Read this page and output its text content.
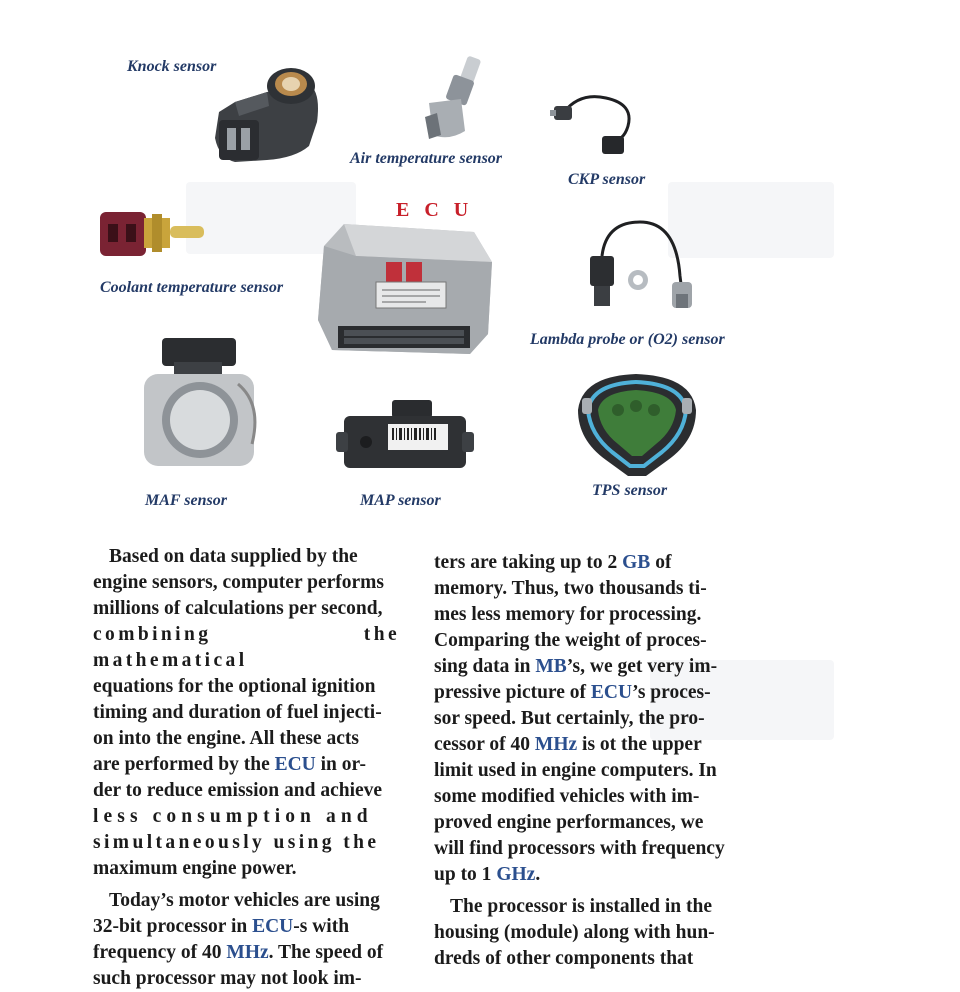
Knock sensor
Air temperature sensor
CKP sensor
Coolant temperature sensor
Lambda probe or (O2) sensor
MAF sensor	MAP sensor
TPS sensor
E C U

Based on data supplied by the

engine sensors, computer performs

millions of calculations per second,

combining the mathematical

equations for the optional ignition

timing and duration of fuel injecti-

on into the engine. All these acts

are performed by the ECU in or-

der to reduce emission and achieve

less consumption and

simultaneously using the

maximum engine power.

Today’s motor vehicles are using

32-bit processor in ECU-s with

frequency of 40 MHz. The speed of

such processor may not look im-

ters are taking up to 2 GB of

memory. Thus, two thousands ti-

mes less memory for processing.

Comparing the weight of proces-

sing data in MB’s, we get very im-

pressive picture of ECU’s proces-

sor speed. But certainly, the pro-

cessor of 40 MHz is ot the upper

limit used in engine computers. In

some modified vehicles with im-

proved engine performances, we

will find processors with frequency

up to 1 GHz.

The processor is installed in the

housing (module) along with hun-

dreds of other components that
